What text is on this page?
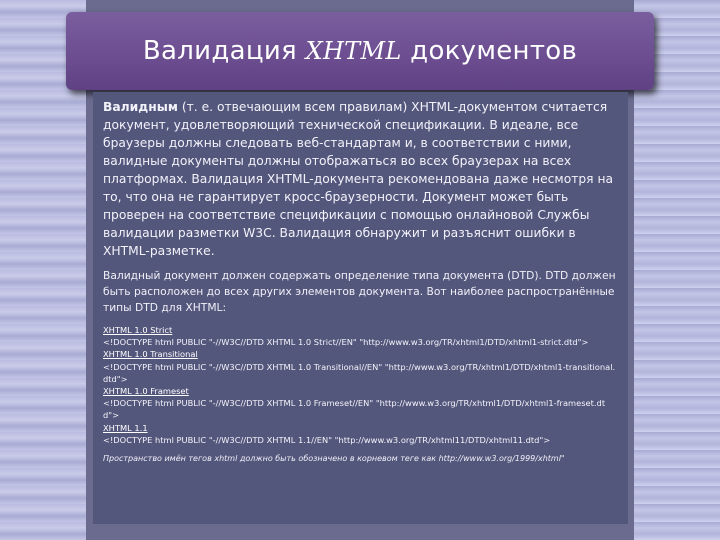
Валидация XHTML документов

Валидным (т. е. отвечающим всем правилам) XHTML-документом считается документ, удовлетворяющий технической спецификации. В идеале, все браузеры должны следовать веб-стандартам и, в соответствии с ними, валидные документы должны отображаться во всех браузерах на всех платформах. Валидация XHTML-документа рекомендована даже несмотря на то, что она не гарантирует кросс-браузерности. Документ может быть проверен на соответствие спецификации с помощью онлайновой Службы валидации разметки W3C. Валидация обнаружит и разъяснит ошибки в XHTML-разметке.

Валидный документ должен содержать определение типа документа (DTD). DTD должен быть расположен до всех других элементов документа. Вот наиболее распространённые типы DTD для XHTML:

XHTML 1.0 Strict
<!DOCTYPE html PUBLIC "-//W3C//DTD XHTML 1.0 Strict//EN" "http://www.w3.org/TR/xhtml1/DTD/xhtml1-strict.dtd">
XHTML 1.0 Transitional
<!DOCTYPE html PUBLIC "-//W3C//DTD XHTML 1.0 Transitional//EN" "http://www.w3.org/TR/xhtml1/DTD/xhtml1-transitional.dtd">
XHTML 1.0 Frameset
<!DOCTYPE html PUBLIC "-//W3C//DTD XHTML 1.0 Frameset//EN" "http://www.w3.org/TR/xhtml1/DTD/xhtml1-frameset.dtd">
XHTML 1.1
<!DOCTYPE html PUBLIC "-//W3C//DTD XHTML 1.1//EN" "http://www.w3.org/TR/xhtml11/DTD/xhtml11.dtd">
Пространство имён тегов xhtml должно быть обозначено в корневом теге как http://www.w3.org/1999/xhtml"
